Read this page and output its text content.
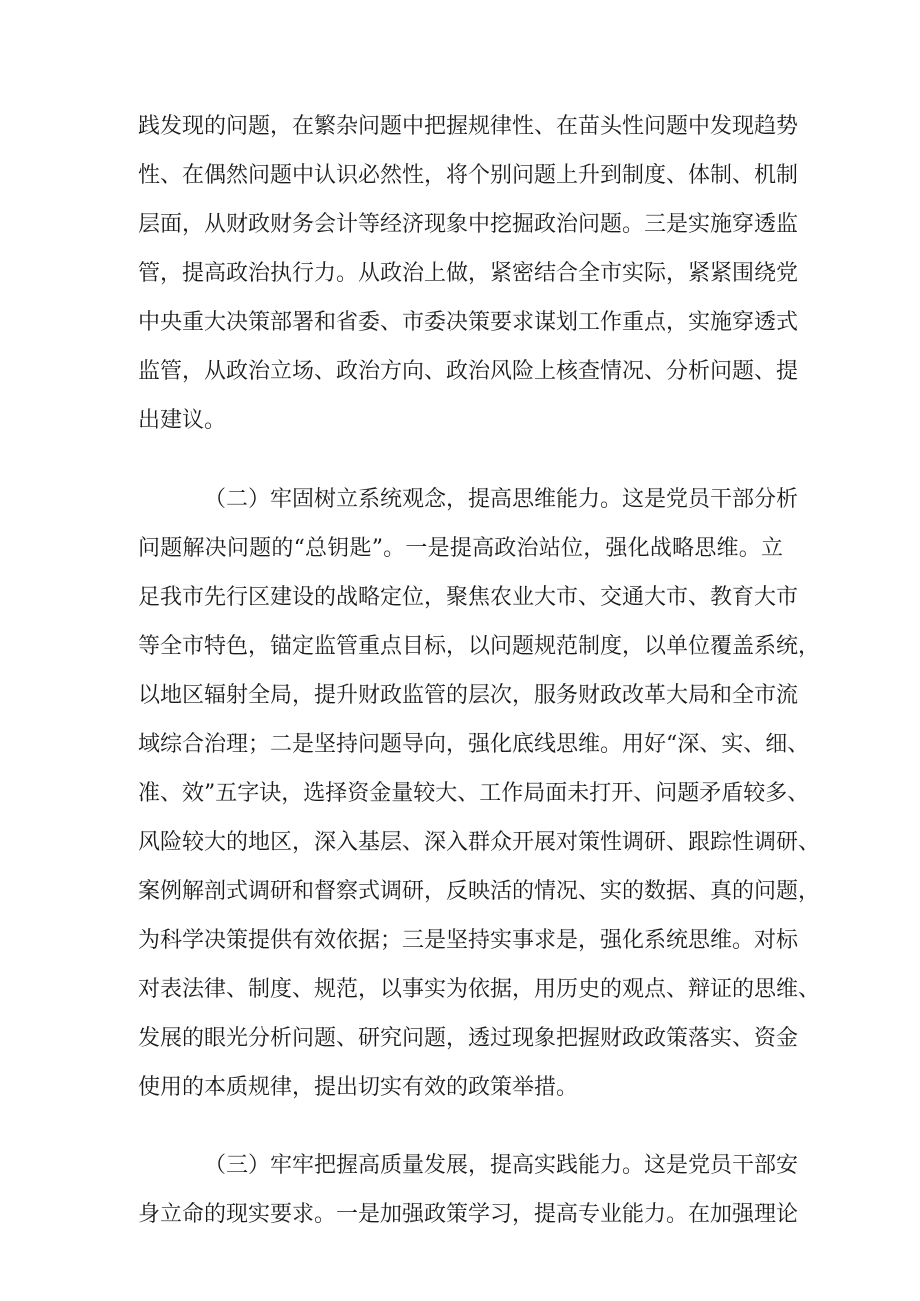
践发现的问题，在繁杂问题中把握规律性、在苗头性问题中发现趋势
性、在偶然问题中认识必然性，将个别问题上升到制度、体制、机制
层面，从财政财务会计等经济现象中挖掘政治问题。三是实施穿透监
管，提高政治执行力。从政治上做，紧密结合全市实际，紧紧围绕党
中央重大决策部署和省委、市委决策要求谋划工作重点，实施穿透式
监管，从政治立场、政治方向、政治风险上核查情况、分析问题、提
出建议。
（二）牢固树立系统观念，提高思维能力。这是党员干部分析
问题解决问题的“总钥匙”。一是提高政治站位，强化战略思维。立
足我市先行区建设的战略定位，聚焦农业大市、交通大市、教育大市
等全市特色，锚定监管重点目标，以问题规范制度，以单位覆盖系统，
以地区辐射全局，提升财政监管的层次，服务财政改革大局和全市流
域综合治理；二是坚持问题导向，强化底线思维。用好“深、实、细、
准、效”五字诀，选择资金量较大、工作局面未打开、问题矛盾较多、
风险较大的地区，深入基层、深入群众开展对策性调研、跟踪性调研、
案例解剖式调研和督察式调研，反映活的情况、实的数据、真的问题，
为科学决策提供有效依据；三是坚持实事求是，强化系统思维。对标
对表法律、制度、规范，以事实为依据，用历史的观点、辩证的思维、
发展的眼光分析问题、研究问题，透过现象把握财政政策落实、资金
使用的本质规律，提出切实有效的政策举措。
（三）牢牢把握高质量发展，提高实践能力。这是党员干部安
身立命的现实要求。一是加强政策学习，提高专业能力。在加强理论
